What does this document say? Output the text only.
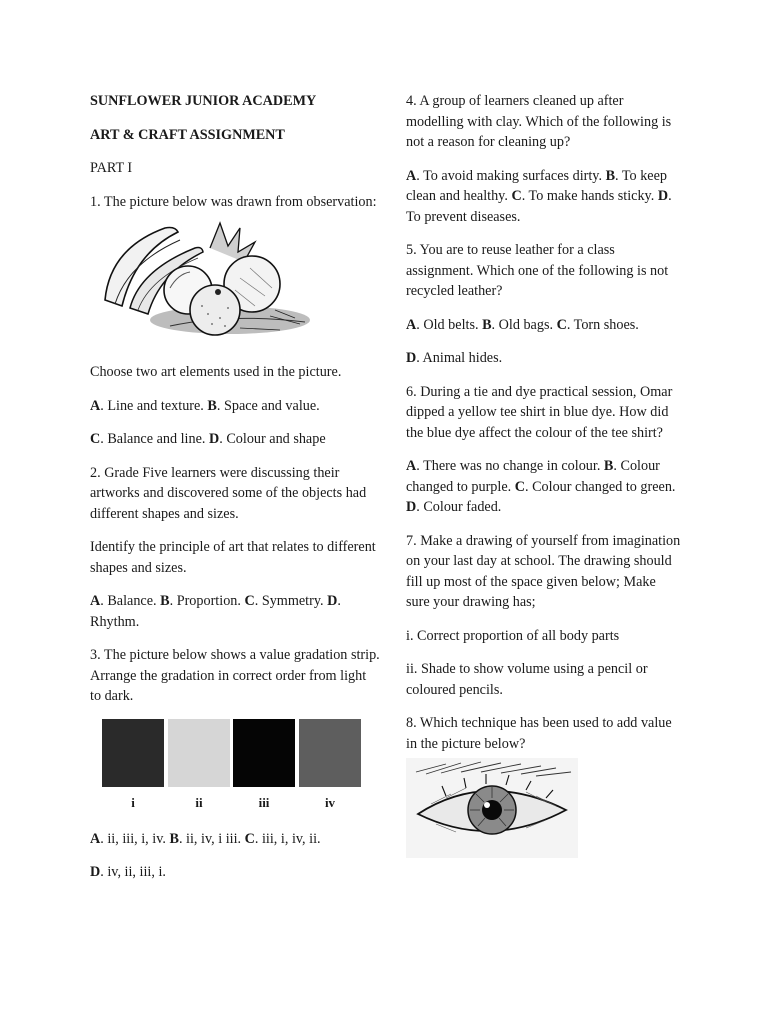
SUNFLOWER JUNIOR ACADEMY

ART & CRAFT ASSIGNMENT

PART I

1. The picture below was drawn from observation:

Choose two art elements used in the picture.

A. Line and texture. B. Space and value.

C. Balance and line. D. Colour and shape

2. Grade Five learners were discussing their artworks and discovered some of the objects had different shapes and sizes.

Identify the principle of art that relates to different shapes and sizes.

A. Balance. B. Proportion. C. Symmetry. D. Rhythm.

3. The picture below shows a value gradation strip. Arrange the gradation in correct order from light to dark.

i	ii	iii	iv

A. ii, iii, i, iv. B. ii, iv, i iii. C. iii, i, iv, ii.

D. iv, ii, iii, i.

4. A group of learners cleaned up after modelling with clay. Which of the following is not a reason for cleaning up?

A. To avoid making surfaces dirty. B. To keep clean and healthy. C. To make hands sticky. D. To prevent diseases.

5. You are to reuse leather for a class assignment. Which one of the following is not recycled leather?

A. Old belts. B. Old bags. C. Torn shoes.

D. Animal hides.

6. During a tie and dye practical session, Omar dipped a yellow tee shirt in blue dye. How did the blue dye affect the colour of the tee shirt?

A. There was no change in colour. B. Colour changed to purple. C. Colour changed to green. D. Colour faded.

7. Make a drawing of yourself from imagination on your last day at school. The drawing should fill up most of the space given below; Make sure your drawing has;

i. Correct proportion of all body parts

ii. Shade to show volume using a pencil or coloured pencils.

8. Which technique has been used to add value in the picture below?
